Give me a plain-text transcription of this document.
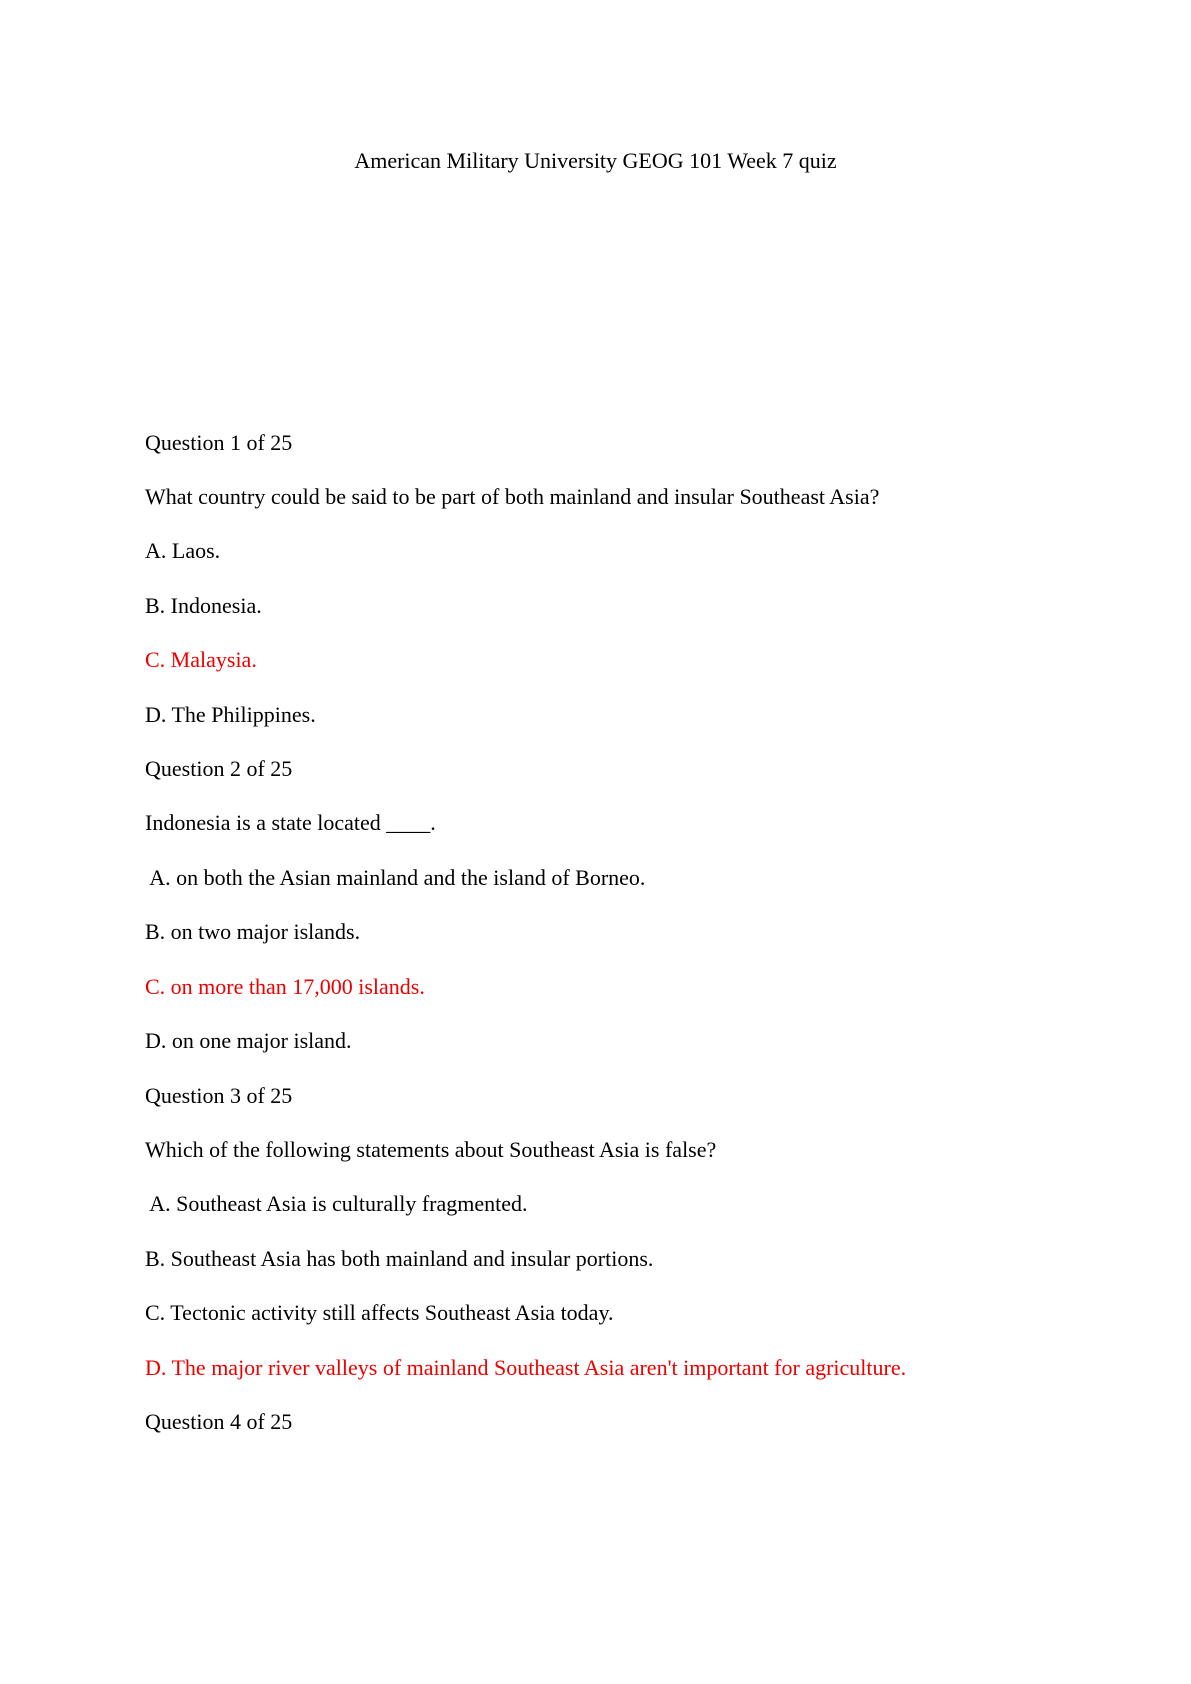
American Military University GEOG 101 Week 7 quiz

Question 1 of 25

What country could be said to be part of both mainland and insular Southeast Asia?

A. Laos.

B. Indonesia.

C. Malaysia.

D. The Philippines.

Question 2 of 25

Indonesia is a state located ____.

A. on both the Asian mainland and the island of Borneo.

B. on two major islands.

C. on more than 17,000 islands.

D. on one major island.

Question 3 of 25

Which of the following statements about Southeast Asia is false?

A. Southeast Asia is culturally fragmented.

B. Southeast Asia has both mainland and insular portions.

C. Tectonic activity still affects Southeast Asia today.

D. The major river valleys of mainland Southeast Asia aren't important for agriculture.

Question 4 of 25
